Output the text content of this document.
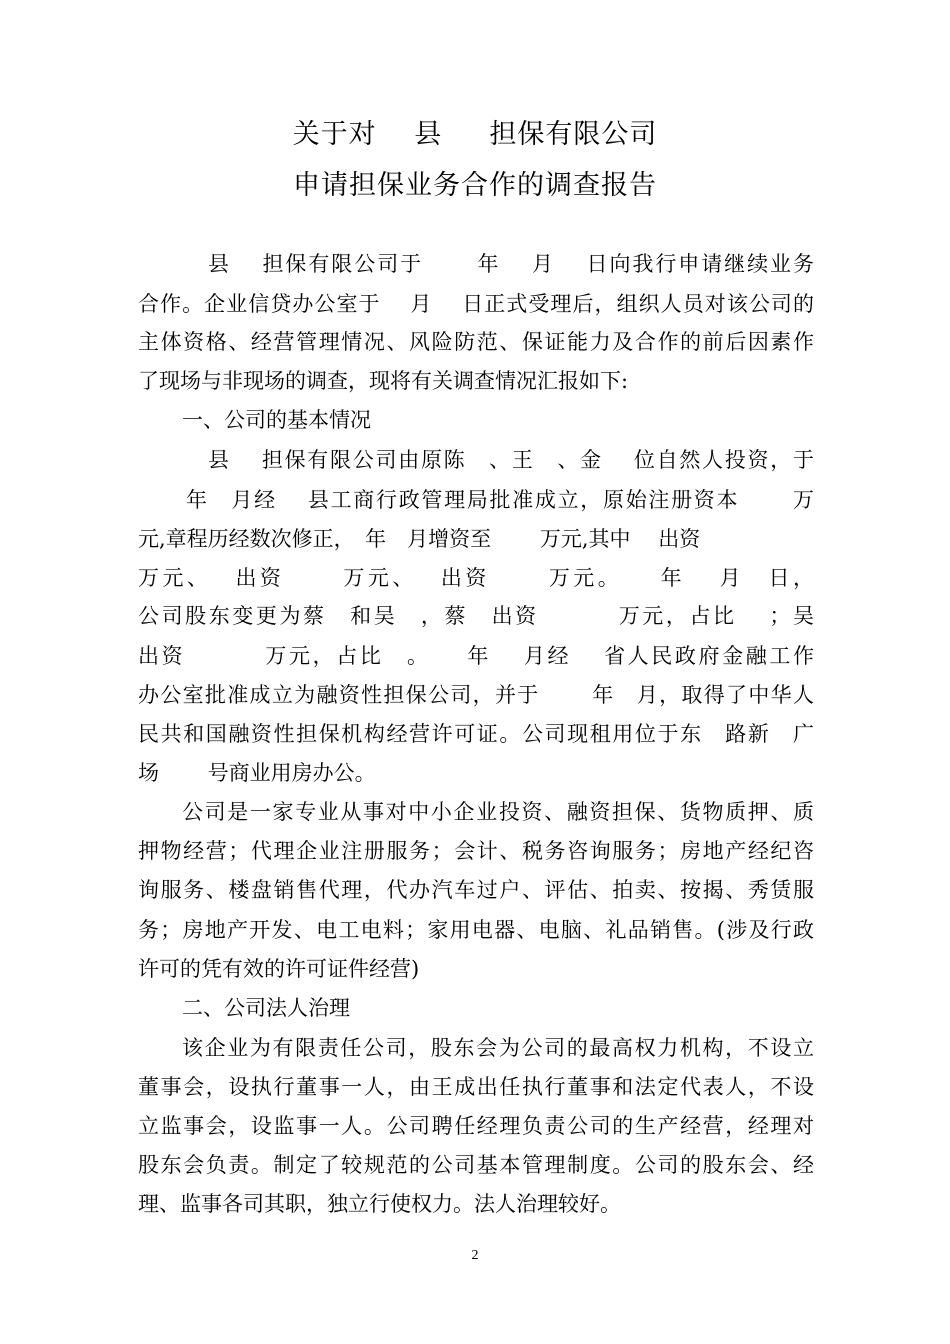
关于对　 县 　 担保有限公司
申请担保业务合作的调查报告
县　 担保有限公司于　　 年　 月　 日向我行申请继续业务
合作。企业信贷办公室于　 月　 日正式受理后，组织人员对该公司的
主体资格、经营管理情况、风险防范、保证能力及合作的前后因素作
了现场与非现场的调查，现将有关调查情况汇报如下:
一、公司的基本情况
县　 担保有限公司由原陈　、王　、金　 位自然人投资，于
年　月经　 县工商行政管理局批准成立，原始注册资本　　 万
元,章程历经数次修正，　年　月增资至　　 万元,其中　 出资
万元、　 出资　　 万元、　 出资　　 万元。　　年　 月　日，
公司股东变更为蔡　和吴　，蔡　出资　　　 万元，占比　 ；吴
出资　　　 万元，占比　。　　年　 月经　 省人民政府金融工作
办公室批准成立为融资性担保公司，并于　　 年　月，取得了中华人
民共和国融资性担保机构经营许可证。公司现租用位于东　路新　广
场　　 号商业用房办公。
公司是一家专业从事对中小企业投资、融资担保、货物质押、质
押物经营；代理企业注册服务；会计、税务咨询服务；房地产经纪咨
询服务、楼盘销售代理，代办汽车过户、评估、拍卖、按揭、秀赁服
务；房地产开发、电工电料；家用电器、电脑、礼品销售。(涉及行政
许可的凭有效的许可证件经营)
二、公司法人治理
该企业为有限责任公司，股东会为公司的最高权力机构，不设立
董事会，设执行董事一人，由王成出任执行董事和法定代表人，不设
立监事会，设监事一人。公司聘任经理负责公司的生产经营，经理对
股东会负责。制定了较规范的公司基本管理制度。公司的股东会、经
理、监事各司其职，独立行使权力。法人治理较好。
2
